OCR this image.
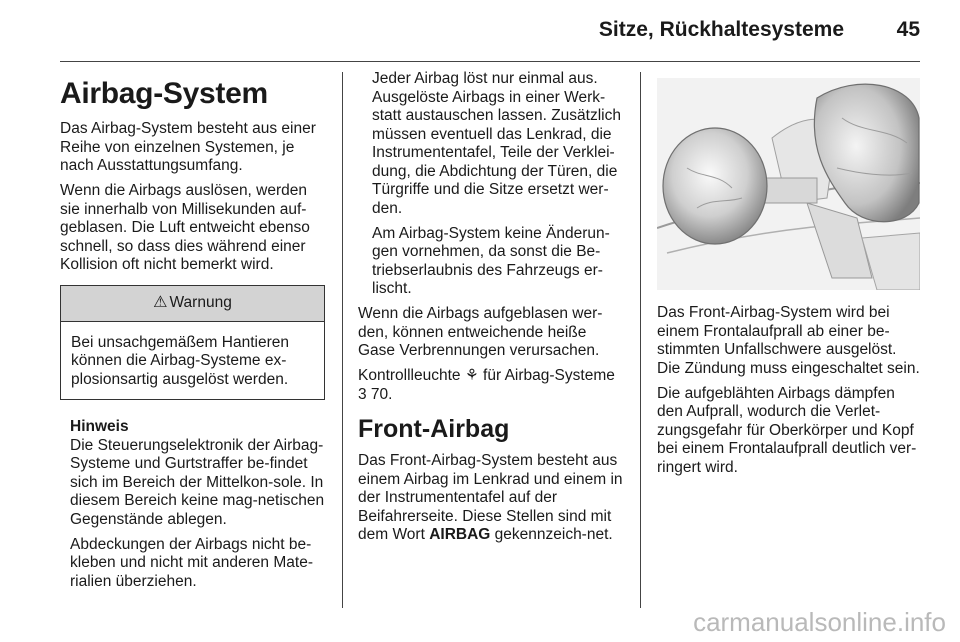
Sitze, Rückhaltesysteme	45
Airbag-System

Das Airbag-System besteht aus einer Reihe von einzelnen Systemen, je nach Ausstattungsumfang.

Wenn die Airbags auslösen, werden sie innerhalb von Millisekunden auf-geblasen. Die Luft entweicht ebenso schnell, so dass dies während einer Kollision oft nicht bemerkt wird.

⚠ Warnung
Bei unsachgemäßem Hantieren können die Airbag-Systeme ex-plosionsartig ausgelöst werden.
Hinweis

Die Steuerungselektronik der Airbag-Systeme und Gurtstraffer be-findet sich im Bereich der Mittelkon-sole. In diesem Bereich keine mag-netischen Gegenstände ablegen.

Abdeckungen der Airbags nicht be-kleben und nicht mit anderen Mate-rialien überziehen.

Jeder Airbag löst nur einmal aus. Ausgelöste Airbags in einer Werk-statt austauschen lassen. Zusätzlich müssen eventuell das Lenkrad, die Instrumententafel, Teile der Verklei-dung, die Abdichtung der Türen, die Türgriffe und die Sitze ersetzt wer-den.

Am Airbag-System keine Änderun-gen vornehmen, da sonst die Be-triebserlaubnis des Fahrzeugs er-lischt.

Wenn die Airbags aufgeblasen wer-den, können entweichende heiße Gase Verbrennungen verursachen.

Kontrollleuchte ⚘ für Airbag-Systeme
3 70.

Front-Airbag

Das Front-Airbag-System besteht aus einem Airbag im Lenkrad und einem in der Instrumententafel auf der Beifahrerseite. Diese Stellen sind mit dem Wort AIRBAG gekennzeich-net.

Das Front-Airbag-System wird bei einem Frontalaufprall ab einer be-stimmten Unfallschwere ausgelöst. Die Zündung muss eingeschaltet sein.

Die aufgeblähten Airbags dämpfen den Aufprall, wodurch die Verlet-zungsgefahr für Oberkörper und Kopf bei einem Frontalaufprall deutlich ver-ringert wird.

carmanualsonline.info
